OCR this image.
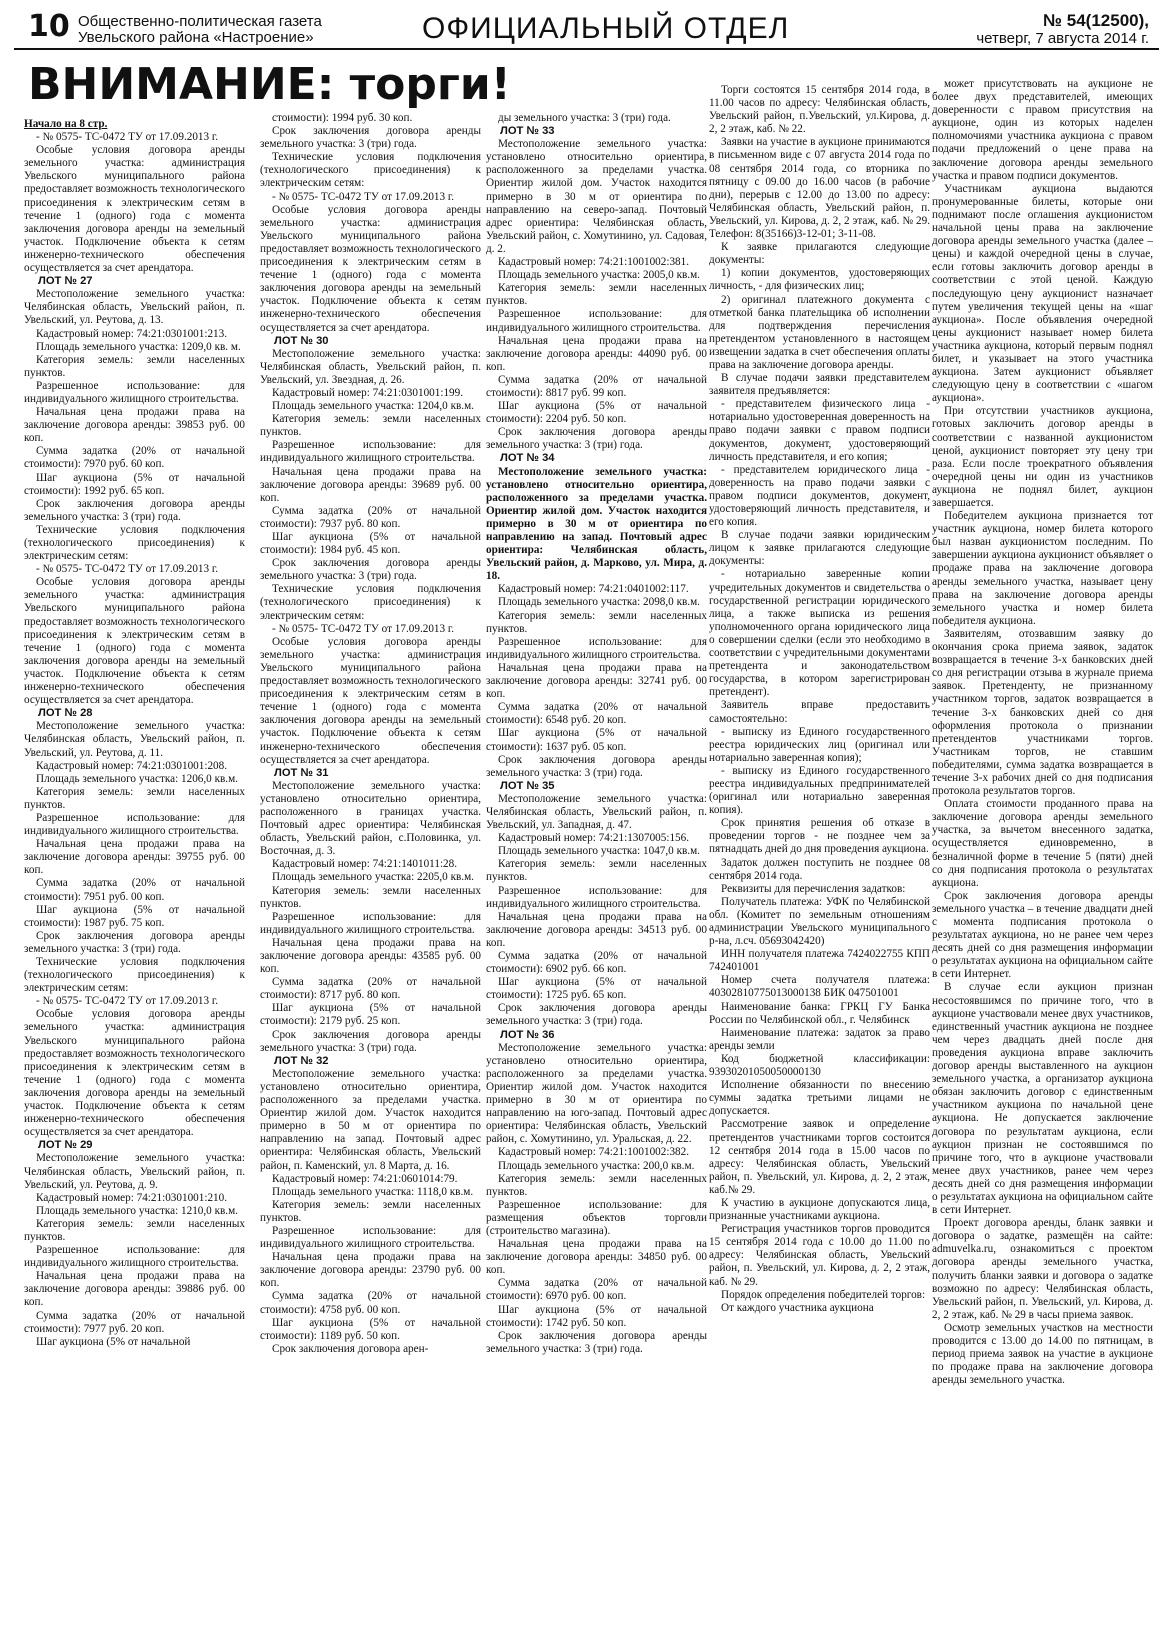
10 Общественно-политическая газета
Увельского района «Настроение»	ОФИЦИАЛЬНЫЙ ОТДЕЛ	№ 54(12500),
четверг, 7 августа 2014 г.
ВНИМАНИЕ: торги!

Начало на 8 стр.

- № 0575- ТС-0472 ТУ от 17.09.2013 г.

Особые условия договора аренды земельного участка: администрация Увельского муниципального района предоставляет возможность технологического присоединения к электрическим сетям в течение 1 (одного) года с момента заключения договора аренды на земельный участок. Подключение объекта к сетям инженерно-технического обеспечения осуществляется за счет арендатора.

ЛОТ № 27

Местоположение земельного участка: Челябинская область, Увельский район, п. Увельский, ул. Реутова, д. 13.

Кадастровый номер: 74:21:0301001:213.

Площадь земельного участка: 1209,0 кв. м.

Категория земель: земли населенных пунктов.

Разрешенное использование: для индивидуального жилищного строительства.

Начальная цена продажи права на заключение договора аренды: 39853 руб. 00 коп.

Сумма задатка (20% от начальной стоимости): 7970 руб. 60 коп.

Шаг аукциона (5% от начальной стоимости): 1992 руб. 65 коп.

Срок заключения договора аренды земельного участка: 3 (три) года.

Технические условия подключения (технологического присоединения) к электрическим сетям:

- № 0575- ТС-0472 ТУ от 17.09.2013 г.

Особые условия договора аренды земельного участка: администрация Увельского муниципального района предоставляет возможность технологического присоединения к электрическим сетям в течение 1 (одного) года с момента заключения договора аренды на земельный участок. Подключение объекта к сетям инженерно-технического обеспечения осуществляется за счет арендатора.

ЛОТ № 28

Местоположение земельного участка: Челябинская область, Увельский район, п. Увельский, ул. Реутова, д. 11.

Кадастровый номер: 74:21:0301001:208.

Площадь земельного участка: 1206,0 кв.м.

Категория земель: земли населенных пунктов.

Разрешенное использование: для индивидуального жилищного строительства.

Начальная цена продажи права на заключение договора аренды: 39755 руб. 00 коп.

Сумма задатка (20% от начальной стоимости): 7951 руб. 00 коп.

Шаг аукциона (5% от начальной стоимости): 1987 руб. 75 коп.

Срок заключения договора аренды земельного участка: 3 (три) года.

Технические условия подключения (технологического присоединения) к электрическим сетям:

- № 0575- ТС-0472 ТУ от 17.09.2013 г.

Особые условия договора аренды земельного участка: администрация Увельского муниципального района предоставляет возможность технологического присоединения к электрическим сетям в течение 1 (одного) года с момента заключения договора аренды на земельный участок. Подключение объекта к сетям инженерно-технического обеспечения осуществляется за счет арендатора.

ЛОТ № 29

Местоположение земельного участка: Челябинская область, Увельский район, п. Увельский, ул. Реутова, д. 9.

Кадастровый номер: 74:21:0301001:210.

Площадь земельного участка: 1210,0 кв.м.

Категория земель: земли населенных пунктов.

Разрешенное использование: для индивидуального жилищного строительства.

Начальная цена продажи права на заключение договора аренды: 39886 руб. 00 коп.

Сумма задатка (20% от начальной стоимости): 7977 руб. 20 коп.

Шаг аукциона (5% от начальной

стоимости): 1994 руб. 30 коп.

Срок заключения договора аренды земельного участка: 3 (три) года.

Технические условия подключения (технологического присоединения) к электрическим сетям:

- № 0575- ТС-0472 ТУ от 17.09.2013 г.

Особые условия договора аренды земельного участка: администрация Увельского муниципального района предоставляет возможность технологического присоединения к электрическим сетям в течение 1 (одного) года с момента заключения договора аренды на земельный участок. Подключение объекта к сетям инженерно-технического обеспечения осуществляется за счет арендатора.

ЛОТ № 30

Местоположение земельного участка: Челябинская область, Увельский район, п. Увельский, ул. Звездная, д. 26.

Кадастровый номер: 74:21:0301001:199.

Площадь земельного участка: 1204,0 кв.м.

Категория земель: земли населенных пунктов.

Разрешенное использование: для индивидуального жилищного строительства.

Начальная цена продажи права на заключение договора аренды: 39689 руб. 00 коп.

Сумма задатка (20% от начальной стоимости): 7937 руб. 80 коп.

Шаг аукциона (5% от начальной стоимости): 1984 руб. 45 коп.

Срок заключения договора аренды земельного участка: 3 (три) года.

Технические условия подключения (технологического присоединения) к электрическим сетям:

- № 0575- ТС-0472 ТУ от 17.09.2013 г.

Особые условия договора аренды земельного участка: администрация Увельского муниципального района предоставляет возможность технологического присоединения к электрическим сетям в течение 1 (одного) года с момента заключения договора аренды на земельный участок. Подключение объекта к сетям инженерно-технического обеспечения осуществляется за счет арендатора.

ЛОТ № 31

Местоположение земельного участка: установлено относительно ориентира, расположенного в границах участка. Почтовый адрес ориентира: Челябинская область, Увельский район, с.Половинка, ул. Восточная, д. 3.

Кадастровый номер: 74:21:1401011:28.

Площадь земельного участка: 2205,0 кв.м.

Категория земель: земли населенных пунктов.

Разрешенное использование: для индивидуального жилищного строительства.

Начальная цена продажи права на заключение договора аренды: 43585 руб. 00 коп.

Сумма задатка (20% от начальной стоимости): 8717 руб. 80 коп.

Шаг аукциона (5% от начальной стоимости): 2179 руб. 25 коп.

Срок заключения договора аренды земельного участка: 3 (три) года.

ЛОТ № 32

Местоположение земельного участка: установлено относительно ориентира, расположенного за пределами участка. Ориентир жилой дом. Участок находится примерно в 50 м от ориентира по направлению на запад. Почтовый адрес ориентира: Челябинская область, Увельский район, п. Каменский, ул. 8 Марта, д. 16.

Кадастровый номер: 74:21:0601014:79.

Площадь земельного участка: 1118,0 кв.м.

Категория земель: земли населенных пунктов.

Разрешенное использование: для индивидуального жилищного строительства.

Начальная цена продажи права на заключение договора аренды: 23790 руб. 00 коп.

Сумма задатка (20% от начальной стоимости): 4758 руб. 00 коп.

Шаг аукциона (5% от начальной стоимости): 1189 руб. 50 коп.

Срок заключения договора арен-

ды земельного участка: 3 (три) года.

ЛОТ № 33

Местоположение земельного участка: установлено относительно ориентира, расположенного за пределами участка. Ориентир жилой дом. Участок находится примерно в 30 м от ориентира по направлению на северо-запад. Почтовый адрес ориентира: Челябинская область, Увельский район, с. Хомутинино, ул. Садовая, д. 2.

Кадастровый номер: 74:21:1001002:381.

Площадь земельного участка: 2005,0 кв.м.

Категория земель: земли населенных пунктов.

Разрешенное использование: для индивидуального жилищного строительства.

Начальная цена продажи права на заключение договора аренды: 44090 руб. 00 коп.

Сумма задатка (20% от начальной стоимости): 8817 руб. 99 коп.

Шаг аукциона (5% от начальной стоимости): 2204 руб. 50 коп.

Срок заключения договора аренды земельного участка: 3 (три) года.

ЛОТ № 34

Местоположение земельного участка: установлено относительно ориентира, расположенного за пределами участка. Ориентир жилой дом. Участок находится примерно в 30 м от ориентира по направлению на запад. Почтовый адрес ориентира: Челябинская область, Увельский район, д. Марково, ул. Мира, д. 18.

Кадастровый номер: 74:21:0401002:117.

Площадь земельного участка: 2098,0 кв.м.

Категория земель: земли населенных пунктов.

Разрешенное использование: для индивидуального жилищного строительства.

Начальная цена продажи права на заключение договора аренды: 32741 руб. 00 коп.

Сумма задатка (20% от начальной стоимости): 6548 руб. 20 коп.

Шаг аукциона (5% от начальной стоимости): 1637 руб. 05 коп.

Срок заключения договора аренды земельного участка: 3 (три) года.

ЛОТ № 35

Местоположение земельного участка: Челябинская область, Увельский район, п. Увельский, ул. Западная, д. 47.

Кадастровый номер: 74:21:1307005:156.

Площадь земельного участка: 1047,0 кв.м.

Категория земель: земли населенных пунктов.

Разрешенное использование: для индивидуального жилищного строительства.

Начальная цена продажи права на заключение договора аренды: 34513 руб. 00 коп.

Сумма задатка (20% от начальной стоимости): 6902 руб. 66 коп.

Шаг аукциона (5% от начальной стоимости): 1725 руб. 65 коп.

Срок заключения договора аренды земельного участка: 3 (три) года.

ЛОТ № 36

Местоположение земельного участка: установлено относительно ориентира, расположенного за пределами участка. Ориентир жилой дом. Участок находится примерно в 30 м от ориентира по направлению на юго-запад. Почтовый адрес ориентира: Челябинская область, Увельский район, с. Хомутинино, ул. Уральская, д. 22.

Кадастровый номер: 74:21:1001002:382.

Площадь земельного участка: 200,0 кв.м.

Категория земель: земли населенных пунктов.

Разрешенное использование: для размещения объектов торговли (строительство магазина).

Начальная цена продажи права на заключение договора аренды: 34850 руб. 00 коп.

Сумма задатка (20% от начальной стоимости): 6970 руб. 00 коп.

Шаг аукциона (5% от начальной стоимости): 1742 руб. 50 коп.

Срок заключения договора аренды земельного участка: 3 (три) года.

Торги состоятся 15 сентября 2014 года, в 11.00 часов по адресу: Челябинская область, Увельский район, п.Увельский, ул.Кирова, д. 2, 2 этаж, каб. № 22.

Заявки на участие в аукционе принимаются в письменном виде с 07 августа 2014 года по 08 сентября 2014 года, со вторника по пятницу с 09.00 до 16.00 часов (в рабочие дни), перерыв с 12.00 до 13.00 по адресу: Челябинская область, Увельский район, п. Увельский, ул. Кирова, д. 2, 2 этаж, каб. № 29. Телефон: 8(35166)3-12-01; 3-11-08.

К заявке прилагаются следующие документы:

1) копии документов, удостоверяющих личность, - для физических лиц;

2) оригинал платежного документа с отметкой банка плательщика об исполнении для подтверждения перечисления претендентом установленного в настоящем извещении задатка в счет обеспечения оплаты права на заключение договора аренды.

В случае подачи заявки представителем заявителя предъявляется:

- представителем физического лица - нотариально удостоверенная доверенность на право подачи заявки с правом подписи документов, документ, удостоверяющий личность представителя, и его копия;

- представителем юридического лица - доверенность на право подачи заявки с правом подписи документов, документ, удостоверяющий личность представителя, и его копия.

В случае подачи заявки юридическим лицом к заявке прилагаются следующие документы:

- нотариально заверенные копии учредительных документов и свидетельства о государственной регистрации юридического лица, а также выписка из решения уполномоченного органа юридического лица о совершении сделки (если это необходимо в соответствии с учредительными документами претендента и законодательством государства, в котором зарегистрирован претендент).

Заявитель вправе предоставить самостоятельно:

- выписку из Единого государственного реестра юридических лиц (оригинал или нотариально заверенная копия);

- выписку из Единого государственного реестра индивидуальных предпринимателей (оригинал или нотариально заверенная копия).

Срок принятия решения об отказе в проведении торгов - не позднее чем за пятнадцать дней до дня проведения аукциона.

Задаток должен поступить не позднее 08 сентября 2014 года.

Реквизиты для перечисления задатков:

Получатель платежа: УФК по Челябинской обл. (Комитет по земельным отношениям администрации Увельского муниципального р-на, л.сч. 05693042420)

ИНН получателя платежа 7424022755 КПП 742401001

Номер счета получателя платежа: 40302810775013000138 БИК 047501001

Наименование банка: ГРКЦ ГУ Банка России по Челябинской обл., г. Челябинск

Наименование платежа: задаток за право аренды земли

Код бюджетной классификации: 93930201050050000130

Исполнение обязанности по внесению суммы задатка третьими лицами не допускается.

Рассмотрение заявок и определение претендентов участниками торгов состоится 12 сентября 2014 года в 15.00 часов по адресу: Челябинская область, Увельский район, п. Увельский, ул. Кирова, д. 2, 2 этаж, каб.№ 29.

К участию в аукционе допускаются лица, признанные участниками аукциона.

Регистрация участников торгов проводится 15 сентября 2014 года с 10.00 до 11.00 по адресу: Челябинская область, Увельский район, п. Увельский, ул. Кирова, д. 2, 2 этаж, каб. № 29.

Порядок определения победителей торгов:

От каждого участника аукциона

может присутствовать на аукционе не более двух представителей, имеющих доверенности с правом присутствия на аукционе, один из которых наделен полномочиями участника аукциона с правом подачи предложений о цене права на заключение договора аренды земельного участка и правом подписи документов.

Участникам аукциона выдаются пронумерованные билеты, которые они поднимают после оглашения аукционистом начальной цены права на заключение договора аренды земельного участка (далее – цены) и каждой очередной цены в случае, если готовы заключить договор аренды в соответствии с этой ценой. Каждую последующую цену аукционист назначает путем увеличения текущей цены на «шаг аукциона». После объявления очередной цены аукционист называет номер билета участника аукциона, который первым поднял билет, и указывает на этого участника аукциона. Затем аукционист объявляет следующую цену в соответствии с «шагом аукциона».

При отсутствии участников аукциона, готовых заключить договор аренды в соответствии с названной аукционистом ценой, аукционист повторяет эту цену три раза. Если после троекратного объявления очередной цены ни один из участников аукциона не поднял билет, аукцион завершается.

Победителем аукциона признается тот участник аукциона, номер билета которого был назван аукционистом последним. По завершении аукциона аукционист объявляет о продаже права на заключение договора аренды земельного участка, называет цену права на заключение договора аренды земельного участка и номер билета победителя аукциона.

Заявителям, отозвавшим заявку до окончания срока приема заявок, задаток возвращается в течение 3-х банковских дней со дня регистрации отзыва в журнале приема заявок. Претенденту, не признанному участником торгов, задаток возвращается в течение 3-х банковских дней со дня оформления протокола о признании претендентов участниками торгов. Участникам торгов, не ставшим победителями, сумма задатка возвращается в течение 3-х рабочих дней со дня подписания протокола результатов торгов.

Оплата стоимости проданного права на заключение договора аренды земельного участка, за вычетом внесенного задатка, осуществляется единовременно, в безналичной форме в течение 5 (пяти) дней со дня подписания протокола о результатах аукциона.

Срок заключения договора аренды земельного участка – в течение двадцати дней с момента подписания протокола о результатах аукциона, но не ранее чем через десять дней со дня размещения информации о результатах аукциона на официальном сайте в сети Интернет.

В случае если аукцион признан несостоявшимся по причине того, что в аукционе участвовали менее двух участников, единственный участник аукциона не позднее чем через двадцать дней после дня проведения аукциона вправе заключить договор аренды выставленного на аукцион земельного участка, а организатор аукциона обязан заключить договор с единственным участником аукциона по начальной цене аукциона. Не допускается заключение договора по результатам аукциона, если аукцион признан не состоявшимся по причине того, что в аукционе участвовали менее двух участников, ранее чем через десять дней со дня размещения информации о результатах аукциона на официальном сайте в сети Интернет.

Проект договора аренды, бланк заявки и договора о задатке, размещён на сайте: admuvelka.ru, ознакомиться с проектом договора аренды земельного участка, получить бланки заявки и договора о задатке возможно по адресу: Челябинская область, Увельский район, п. Увельский, ул. Кирова, д. 2, 2 этаж, каб. № 29 в часы приема заявок.

Осмотр земельных участков на местности проводится с 13.00 до 14.00 по пятницам, в период приема заявок на участие в аукционе по продаже права на заключение договора аренды земельного участка.
